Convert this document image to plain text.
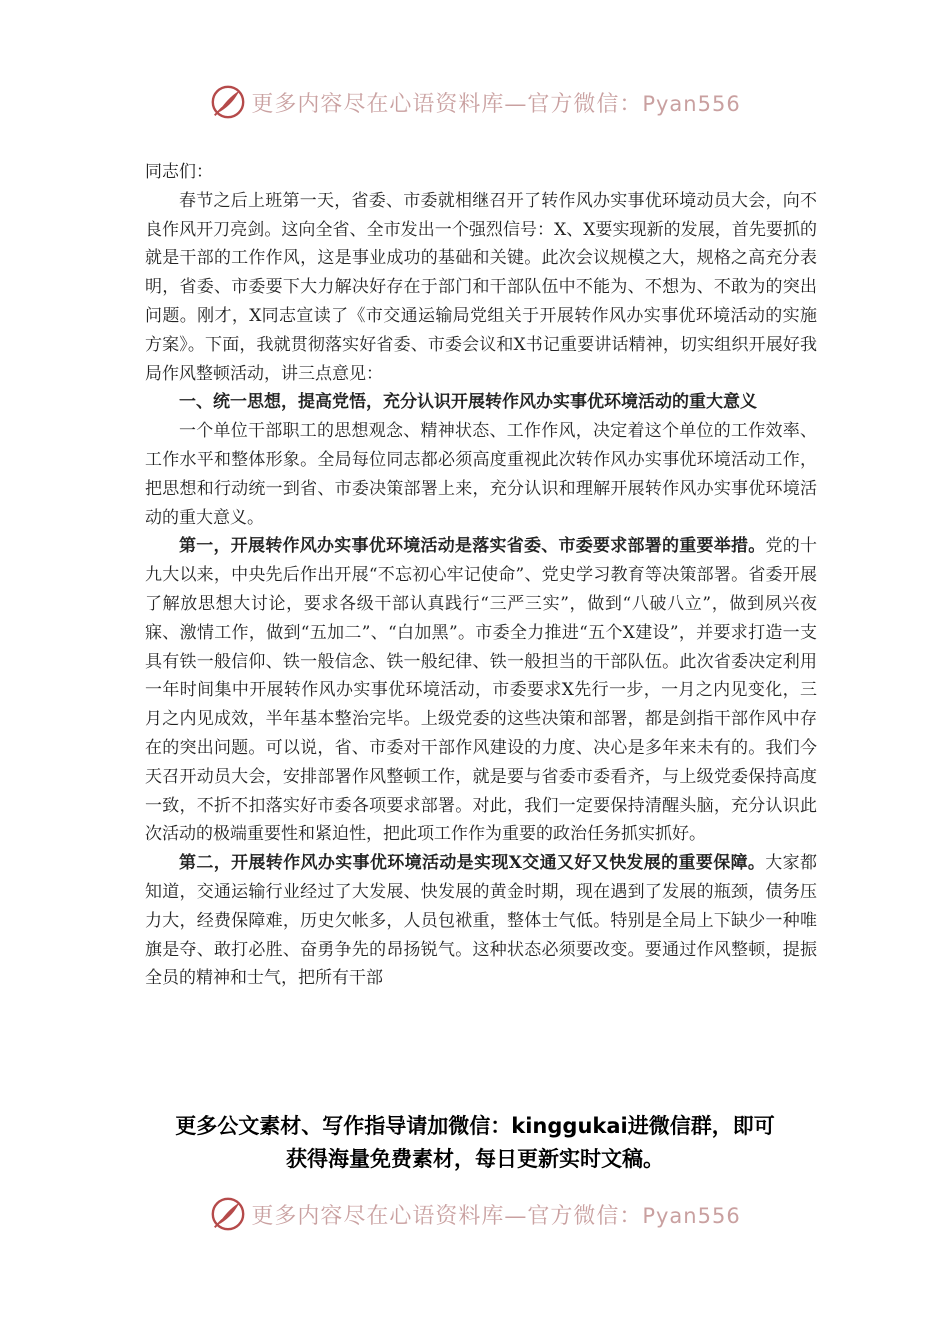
更多内容尽在心语资料库—官方微信：Pyan556

同志们：

春节之后上班第一天，省委、市委就相继召开了转作风办实事优环境动员大会，向不良作风开刀亮剑。这向全省、全市发出一个强烈信号：X、X要实现新的发展，首先要抓的就是干部的工作作风，这是事业成功的基础和关键。此次会议规模之大，规格之高充分表明，省委、市委要下大力解决好存在于部门和干部队伍中不能为、不想为、不敢为的突出问题。刚才，X同志宣读了《市交通运输局党组关于开展转作风办实事优环境活动的实施方案》。下面，我就贯彻落实好省委、市委会议和X书记重要讲话精神，切实组织开展好我局作风整顿活动，讲三点意见：

一、统一思想，提高党悟，充分认识开展转作风办实事优环境活动的重大意义

一个单位干部职工的思想观念、精神状态、工作作风，决定着这个单位的工作效率、工作水平和整体形象。全局每位同志都必须高度重视此次转作风办实事优环境活动工作，把思想和行动统一到省、市委决策部署上来，充分认识和理解开展转作风办实事优环境活动的重大意义。

第一，开展转作风办实事优环境活动是落实省委、市委要求部署的重要举措。党的十九大以来，中央先后作出开展“不忘初心牢记使命”、党史学习教育等决策部署。省委开展了解放思想大讨论，要求各级干部认真践行“三严三实”，做到“八破八立”，做到夙兴夜寐、激情工作，做到“五加二”、“白加黑”。市委全力推进“五个X建设”，并要求打造一支具有铁一般信仰、铁一般信念、铁一般纪律、铁一般担当的干部队伍。此次省委决定利用一年时间集中开展转作风办实事优环境活动，市委要求X先行一步，一月之内见变化，三月之内见成效，半年基本整治完毕。上级党委的这些决策和部署，都是剑指干部作风中存在的突出问题。可以说，省、市委对干部作风建设的力度、决心是多年来未有的。我们今天召开动员大会，安排部署作风整顿工作，就是要与省委市委看齐，与上级党委保持高度一致，不折不扣落实好市委各项要求部署。对此，我们一定要保持清醒头脑，充分认识此次活动的极端重要性和紧迫性，把此项工作作为重要的政治任务抓实抓好。

第二，开展转作风办实事优环境活动是实现X交通又好又快发展的重要保障。大家都知道，交通运输行业经过了大发展、快发展的黄金时期，现在遇到了发展的瓶颈，债务压力大，经费保障难，历史欠帐多，人员包袱重，整体士气低。特别是全局上下缺少一种唯旗是夺、敢打必胜、奋勇争先的昂扬锐气。这种状态必须要改变。要通过作风整顿，提振全员的精神和士气，把所有干部

更多公文素材、写作指导请加微信：kinggukai进微信群，即可
获得海量免费素材，每日更新实时文稿。
更多内容尽在心语资料库—官方微信：Pyan556
